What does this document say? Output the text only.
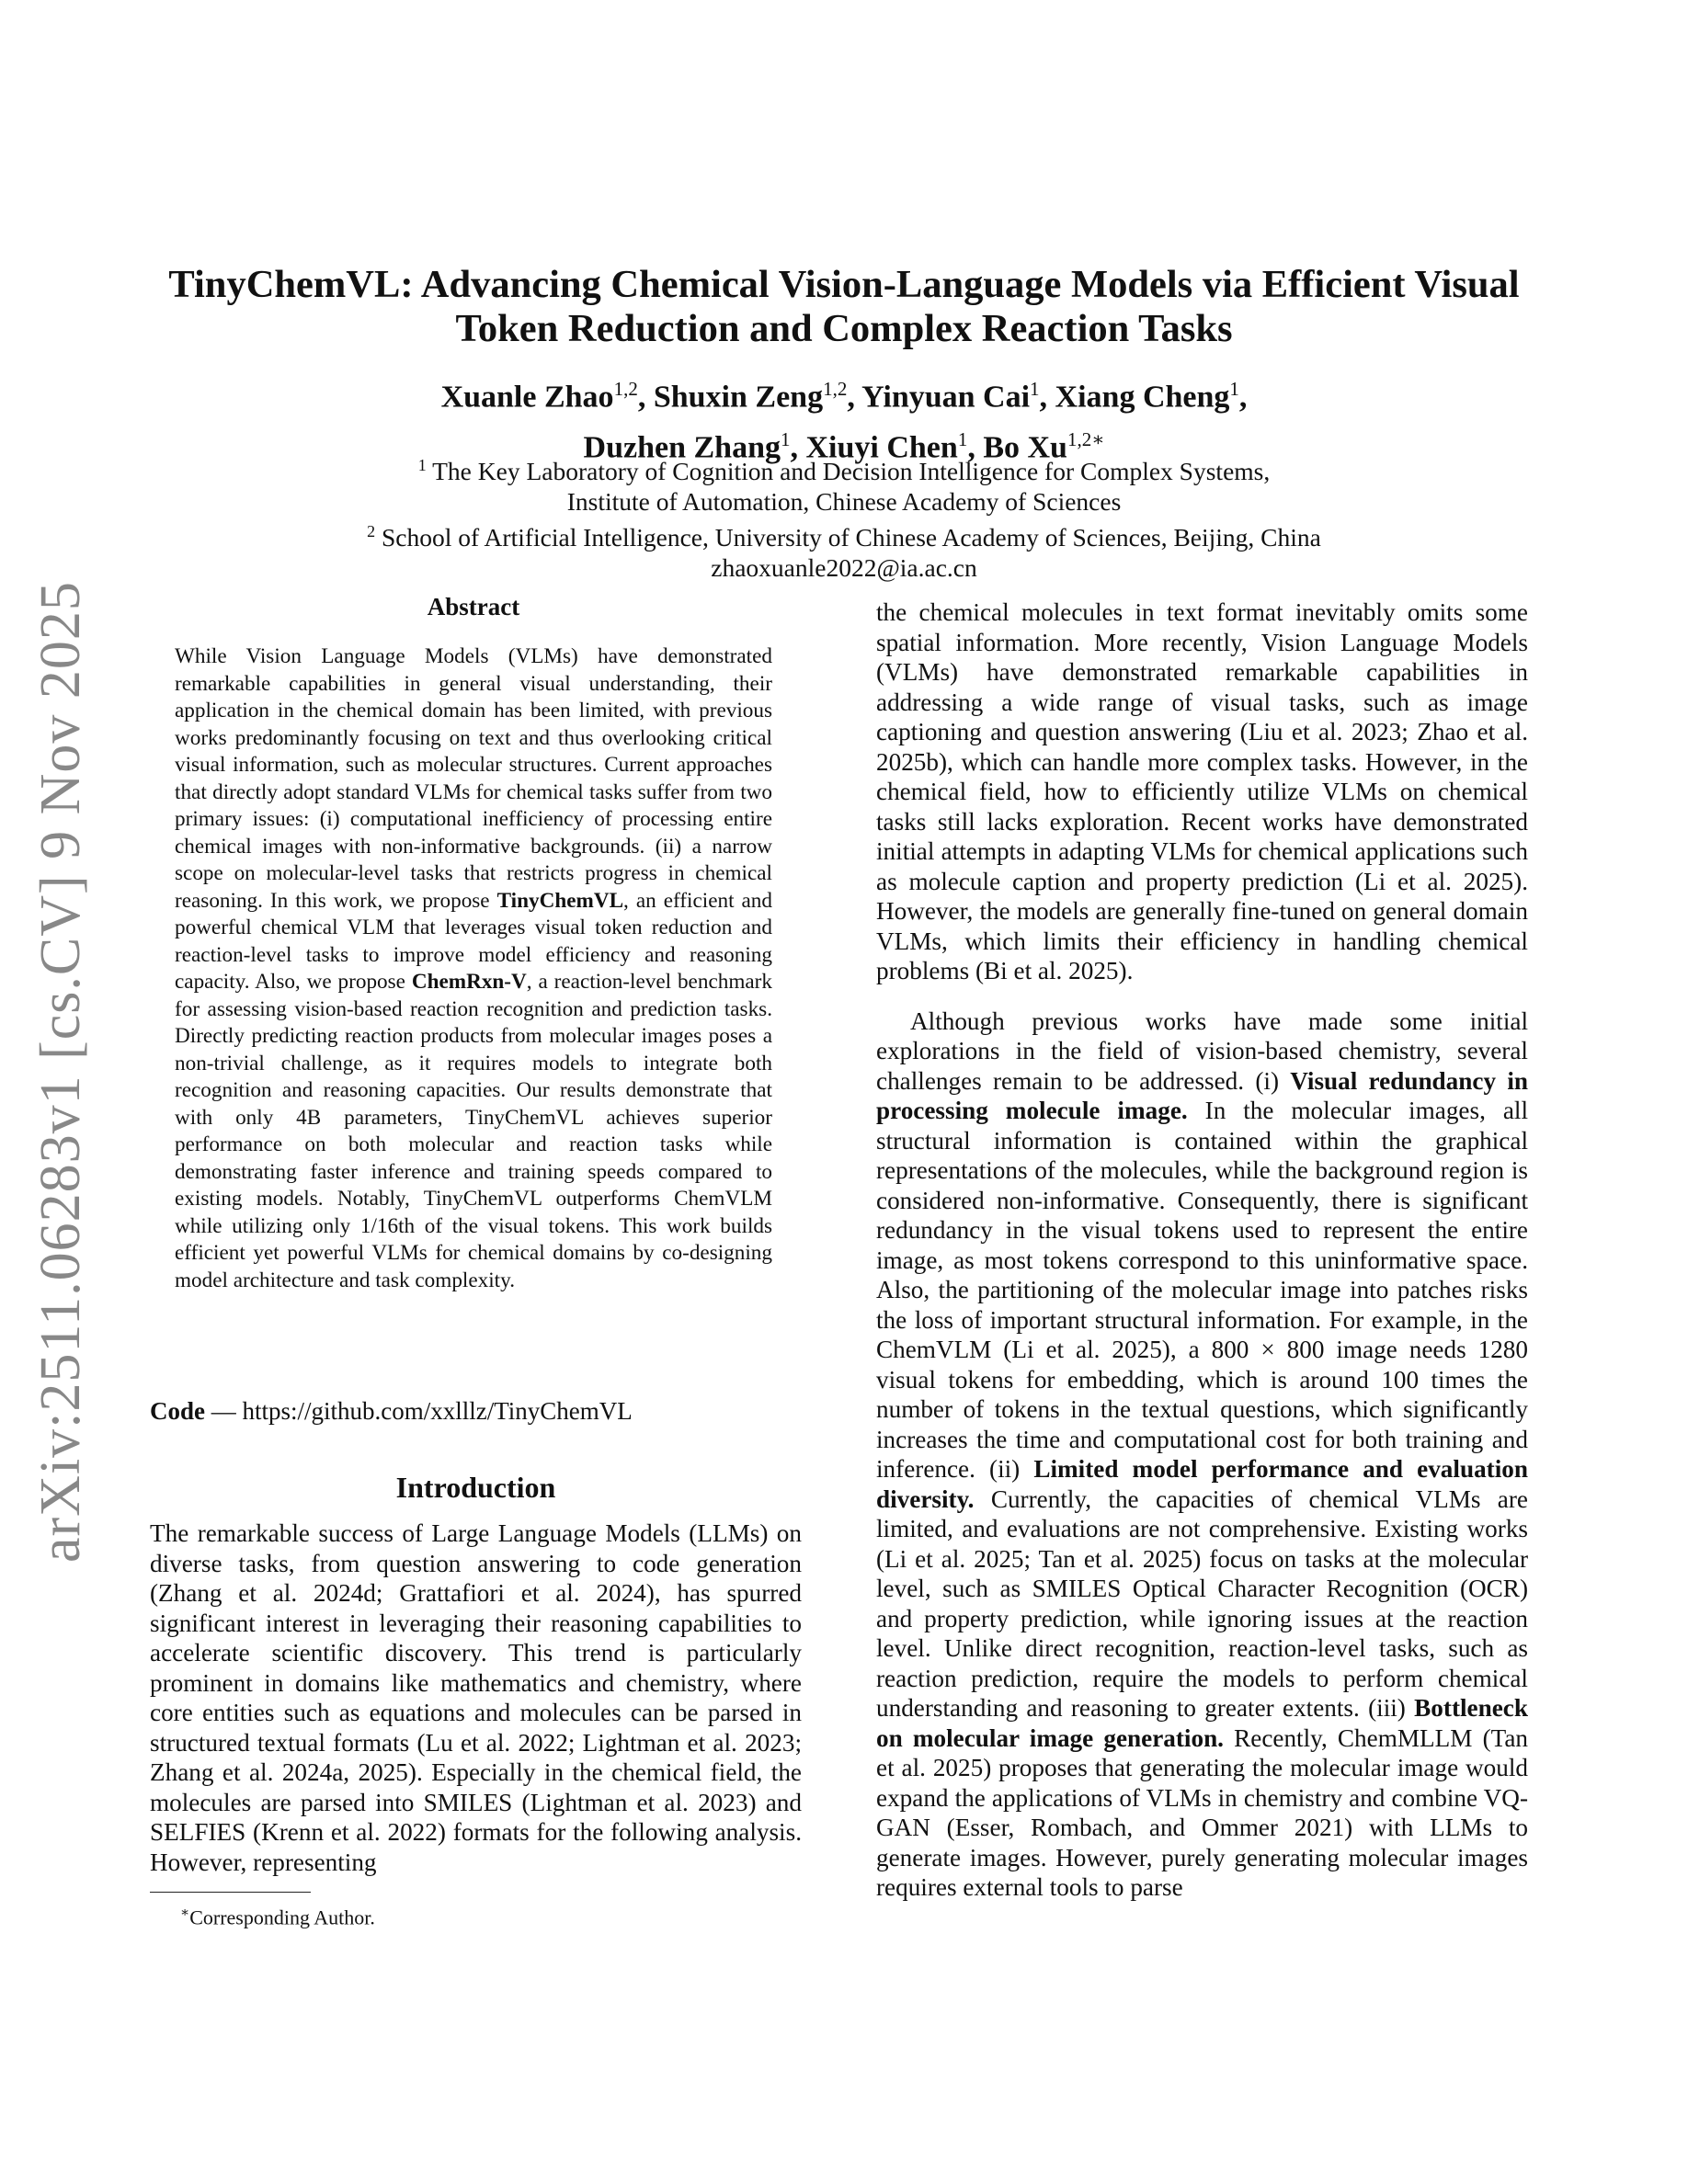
arXiv:2511.06283v1 [cs.CV] 9 Nov 2025
TinyChemVL: Advancing Chemical Vision-Language Models via Efficient Visual
Token Reduction and Complex Reaction Tasks
Xuanle Zhao$^{1,2}$, Shuxin Zeng$^{1,2}$, Yinyuan Cai$^1$, Xiang Cheng$^1$,
Duzhen Zhang$^1$, Xiuyi Chen$^1$, Bo $Xu^{1,2∗}$
$^1$ The Key Laboratory of Cognition and Decision Intelligence for Complex Systems,
Institute of Automation, Chinese Academy of Sciences
$^2$ School of Artificial Intelligence, University of Chinese Academy of Sciences, Beijing, China
zhaoxuanle2022@ia.ac.cn
Abstract
While Vision Language Models (VLMs) have demonstrated remarkable capabilities in general visual understanding, their application in the chemical domain has been limited, with previous works predominantly focusing on text and thus overlooking critical visual information, such as molecular structures. Current approaches that directly adopt standard VLMs for chemical tasks suffer from two primary issues: (i) computational inefficiency of processing entire chemical images with non-informative backgrounds. (ii) a narrow scope on molecular-level tasks that restricts progress in chemical reasoning. In this work, we propose TinyChemVL, an efficient and powerful chemical VLM that leverages visual token reduction and reaction-level tasks to improve model efficiency and reasoning capacity. Also, we propose ChemRxn-V, a reaction-level benchmark for assessing vision-based reaction recognition and prediction tasks. Directly predicting reaction products from molecular images poses a non-trivial challenge, as it requires models to integrate both recognition and reasoning capacities. Our results demonstrate that with only 4B parameters, TinyChemVL achieves superior performance on both molecular and reaction tasks while demonstrating faster inference and training speeds compared to existing models. Notably, TinyChemVL outperforms ChemVLM while utilizing only 1/16th of the visual tokens. This work builds efficient yet powerful VLMs for chemical domains by co-designing model architecture and task complexity.
Code — https://github.com/xxlllz/TinyChemVL
Introduction
The remarkable success of Large Language Models (LLMs) on diverse tasks, from question answering to code generation (Zhang et al. 2024d; Grattafiori et al. 2024), has spurred significant interest in leveraging their reasoning capabilities to accelerate scientific discovery. This trend is particularly prominent in domains like mathematics and chemistry, where core entities such as equations and molecules can be parsed in structured textual formats (Lu et al. 2022; Lightman et al. 2023; Zhang et al. 2024a, 2025). Especially in the chemical field, the molecules are parsed into SMILES (Lightman et al. 2023) and SELFIES (Krenn et al. 2022) formats for the following analysis. However, representing
∗Corresponding Author.

the chemical molecules in text format inevitably omits some spatial information. More recently, Vision Language Models (VLMs) have demonstrated remarkable capabilities in addressing a wide range of visual tasks, such as image captioning and question answering (Liu et al. 2023; Zhao et al. 2025b), which can handle more complex tasks. However, in the chemical field, how to efficiently utilize VLMs on chemical tasks still lacks exploration. Recent works have demonstrated initial attempts in adapting VLMs for chemical applications such as molecule caption and property prediction (Li et al. 2025). However, the models are generally fine-tuned on general domain VLMs, which limits their efficiency in handling chemical problems (Bi et al. 2025).

Although previous works have made some initial explorations in the field of vision-based chemistry, several challenges remain to be addressed. (i) Visual redundancy in processing molecule image. In the molecular images, all structural information is contained within the graphical representations of the molecules, while the background region is considered non-informative. Consequently, there is significant redundancy in the visual tokens used to represent the entire image, as most tokens correspond to this uninformative space. Also, the partitioning of the molecular image into patches risks the loss of important structural information. For example, in the ChemVLM (Li et al. 2025), a 800 × 800 image needs 1280 visual tokens for embedding, which is around 100 times the number of tokens in the textual questions, which significantly increases the time and computational cost for both training and inference. (ii) Limited model performance and evaluation diversity. Currently, the capacities of chemical VLMs are limited, and evaluations are not comprehensive. Existing works (Li et al. 2025; Tan et al. 2025) focus on tasks at the molecular level, such as SMILES Optical Character Recognition (OCR) and property prediction, while ignoring issues at the reaction level. Unlike direct recognition, reaction-level tasks, such as reaction prediction, require the models to perform chemical understanding and reasoning to greater extents. (iii) Bottleneck on molecular image generation. Recently, ChemMLLM (Tan et al. 2025) proposes that generating the molecular image would expand the applications of VLMs in chemistry and combine VQ-GAN (Esser, Rombach, and Ommer 2021) with LLMs to generate images. However, purely generating molecular images requires external tools to parse
